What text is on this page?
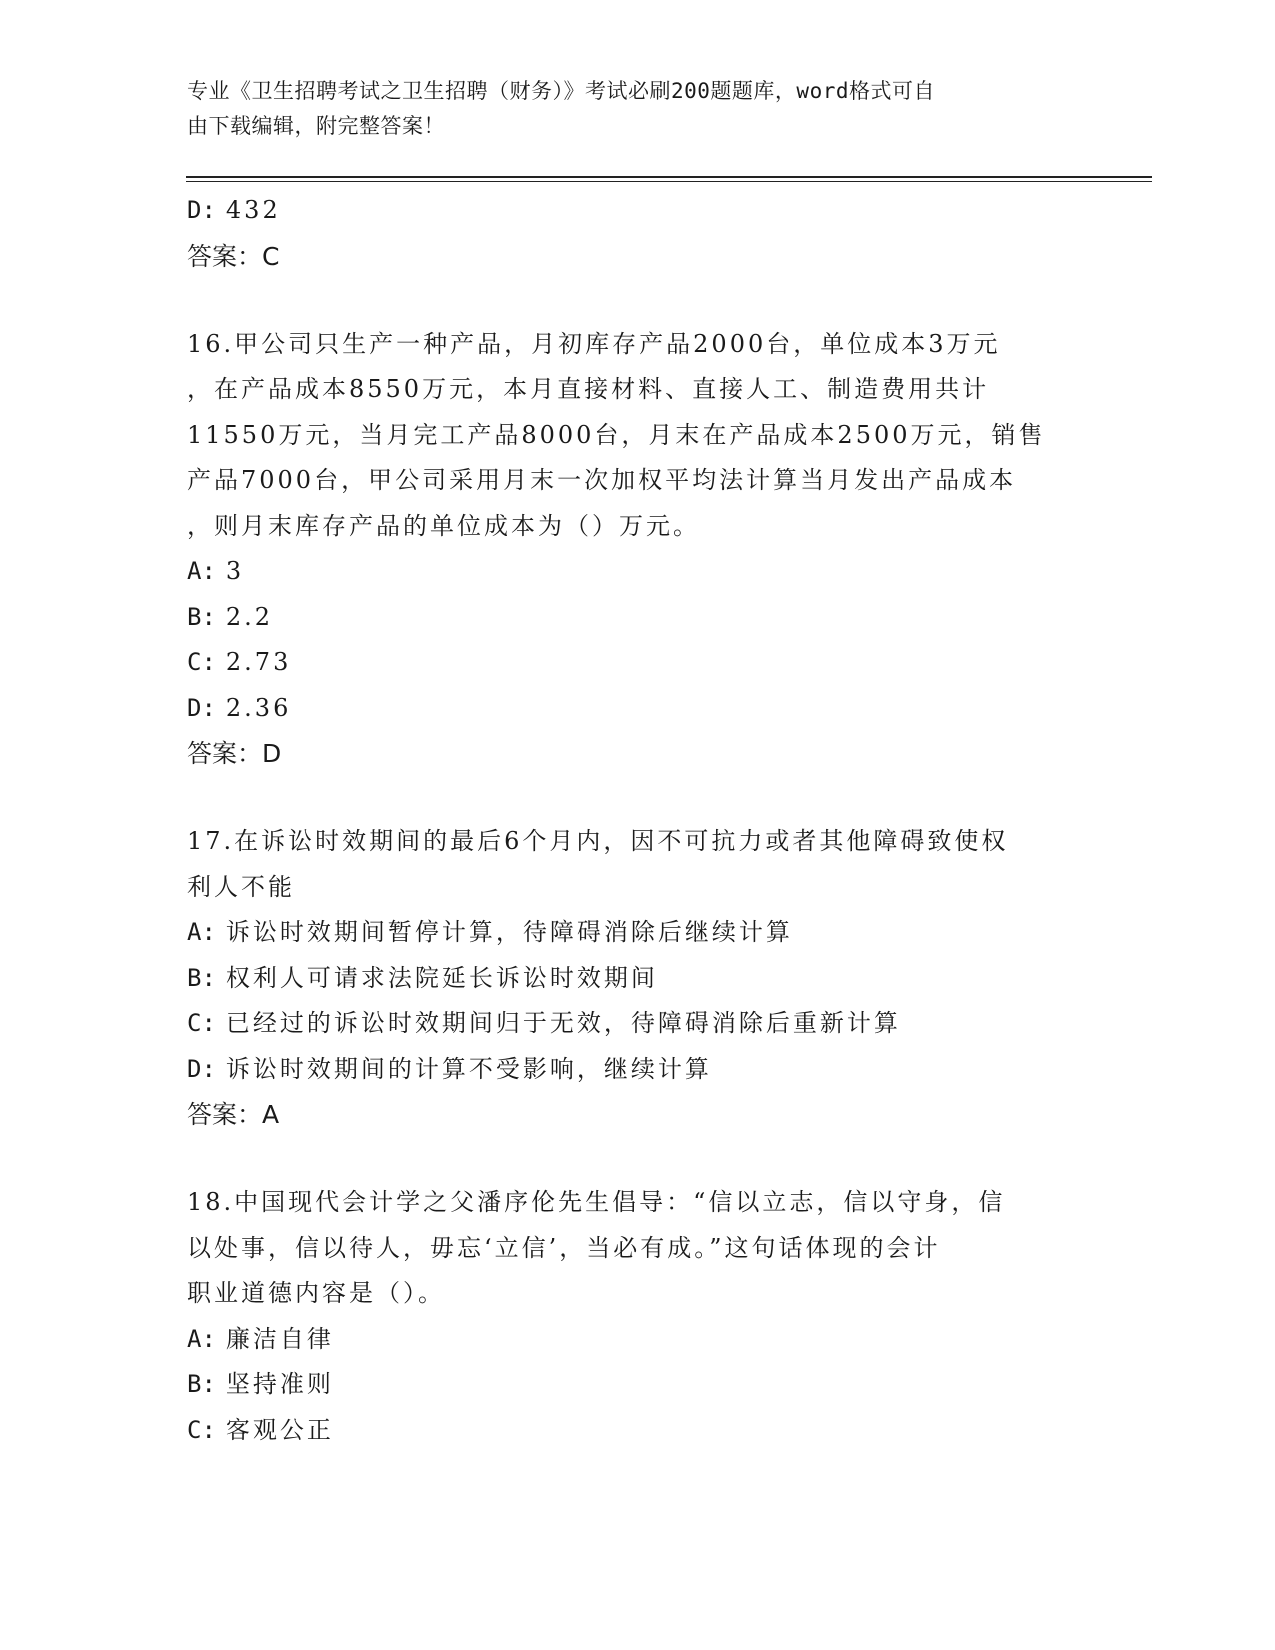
专业《卫生招聘考试之卫生招聘（财务）》考试必刷200题题库，word格式可自
由下载编辑，附完整答案！
D: 432
答案：C
16.甲公司只生产一种产品，月初库存产品2000台，单位成本3万元
，在产品成本8550万元，本月直接材料、直接人工、制造费用共计
11550万元，当月完工产品8000台，月末在产品成本2500万元，销售
产品7000台，甲公司采用月末一次加权平均法计算当月发出产品成本
，则月末库存产品的单位成本为（）万元。
A: 3
B: 2.2
C: 2.73
D: 2.36
答案：D
17.在诉讼时效期间的最后6个月内，因不可抗力或者其他障碍致使权
利人不能
A: 诉讼时效期间暂停计算，待障碍消除后继续计算
B: 权利人可请求法院延长诉讼时效期间
C: 已经过的诉讼时效期间归于无效，待障碍消除后重新计算
D: 诉讼时效期间的计算不受影响，继续计算
答案：A
18.中国现代会计学之父潘序伦先生倡导：“信以立志，信以守身，信
以处事，信以待人，毋忘‘立信’，当必有成。”这句话体现的会计
职业道德内容是（）。
A: 廉洁自律
B: 坚持准则
C: 客观公正
